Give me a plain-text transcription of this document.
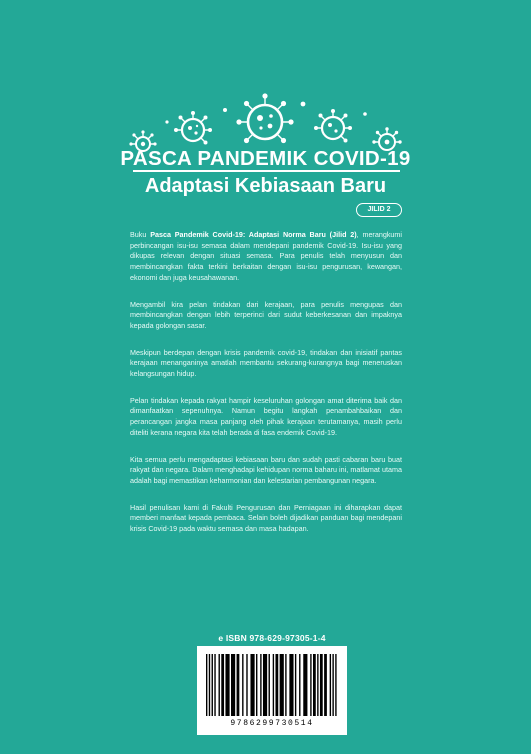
PASCA PANDEMIK COVID-19
Adaptasi Kebiasaan Baru
JILID 2

Buku Pasca Pandemik Covid-19: Adaptasi Norma Baru (Jilid 2), merangkumi perbincangan isu-isu semasa dalam mendepani pandemik Covid-19. Isu-isu yang dikupas relevan dengan situasi semasa. Para penulis telah menyusun dan membincangkan fakta terkini berkaitan dengan isu-isu pengurusan, kewangan, ekonomi dan juga keusahawanan.

Mengambil kira pelan tindakan dari kerajaan, para penulis mengupas dan membincangkan dengan lebih terperinci dari sudut keberkesanan dan impaknya kepada golongan sasar.

Meskipun berdepan dengan krisis pandemik covid-19, tindakan dan inisiatif pantas kerajaan menanganinya amatlah membantu sekurang-kurangnya bagi meneruskan kelangsungan hidup.

Pelan tindakan kepada rakyat hampir keseluruhan golongan amat diterima baik dan dimanfaatkan sepenuhnya. Namun begitu langkah penambahbaikan dan perancangan jangka masa panjang oleh pihak kerajaan terutamanya, masih perlu diteliti kerana negara kita telah berada di fasa endemik Covid-19.

Kita semua perlu mengadaptasi kebiasaan baru dan sudah pasti cabaran baru buat rakyat dan negara. Dalam menghadapi kehidupan norma baharu ini, matlamat utama adalah bagi memastikan keharmonian dan kelestarian pembangunan negara.

Hasil penulisan kami di Fakulti Pengurusan dan Perniagaan ini diharapkan dapat memberi manfaat kepada pembaca. Selain boleh dijadikan panduan bagi mendepani krisis Covid-19 pada waktu semasa dan masa hadapan.

e ISBN 978-629-97305-1-4
9786299730514
